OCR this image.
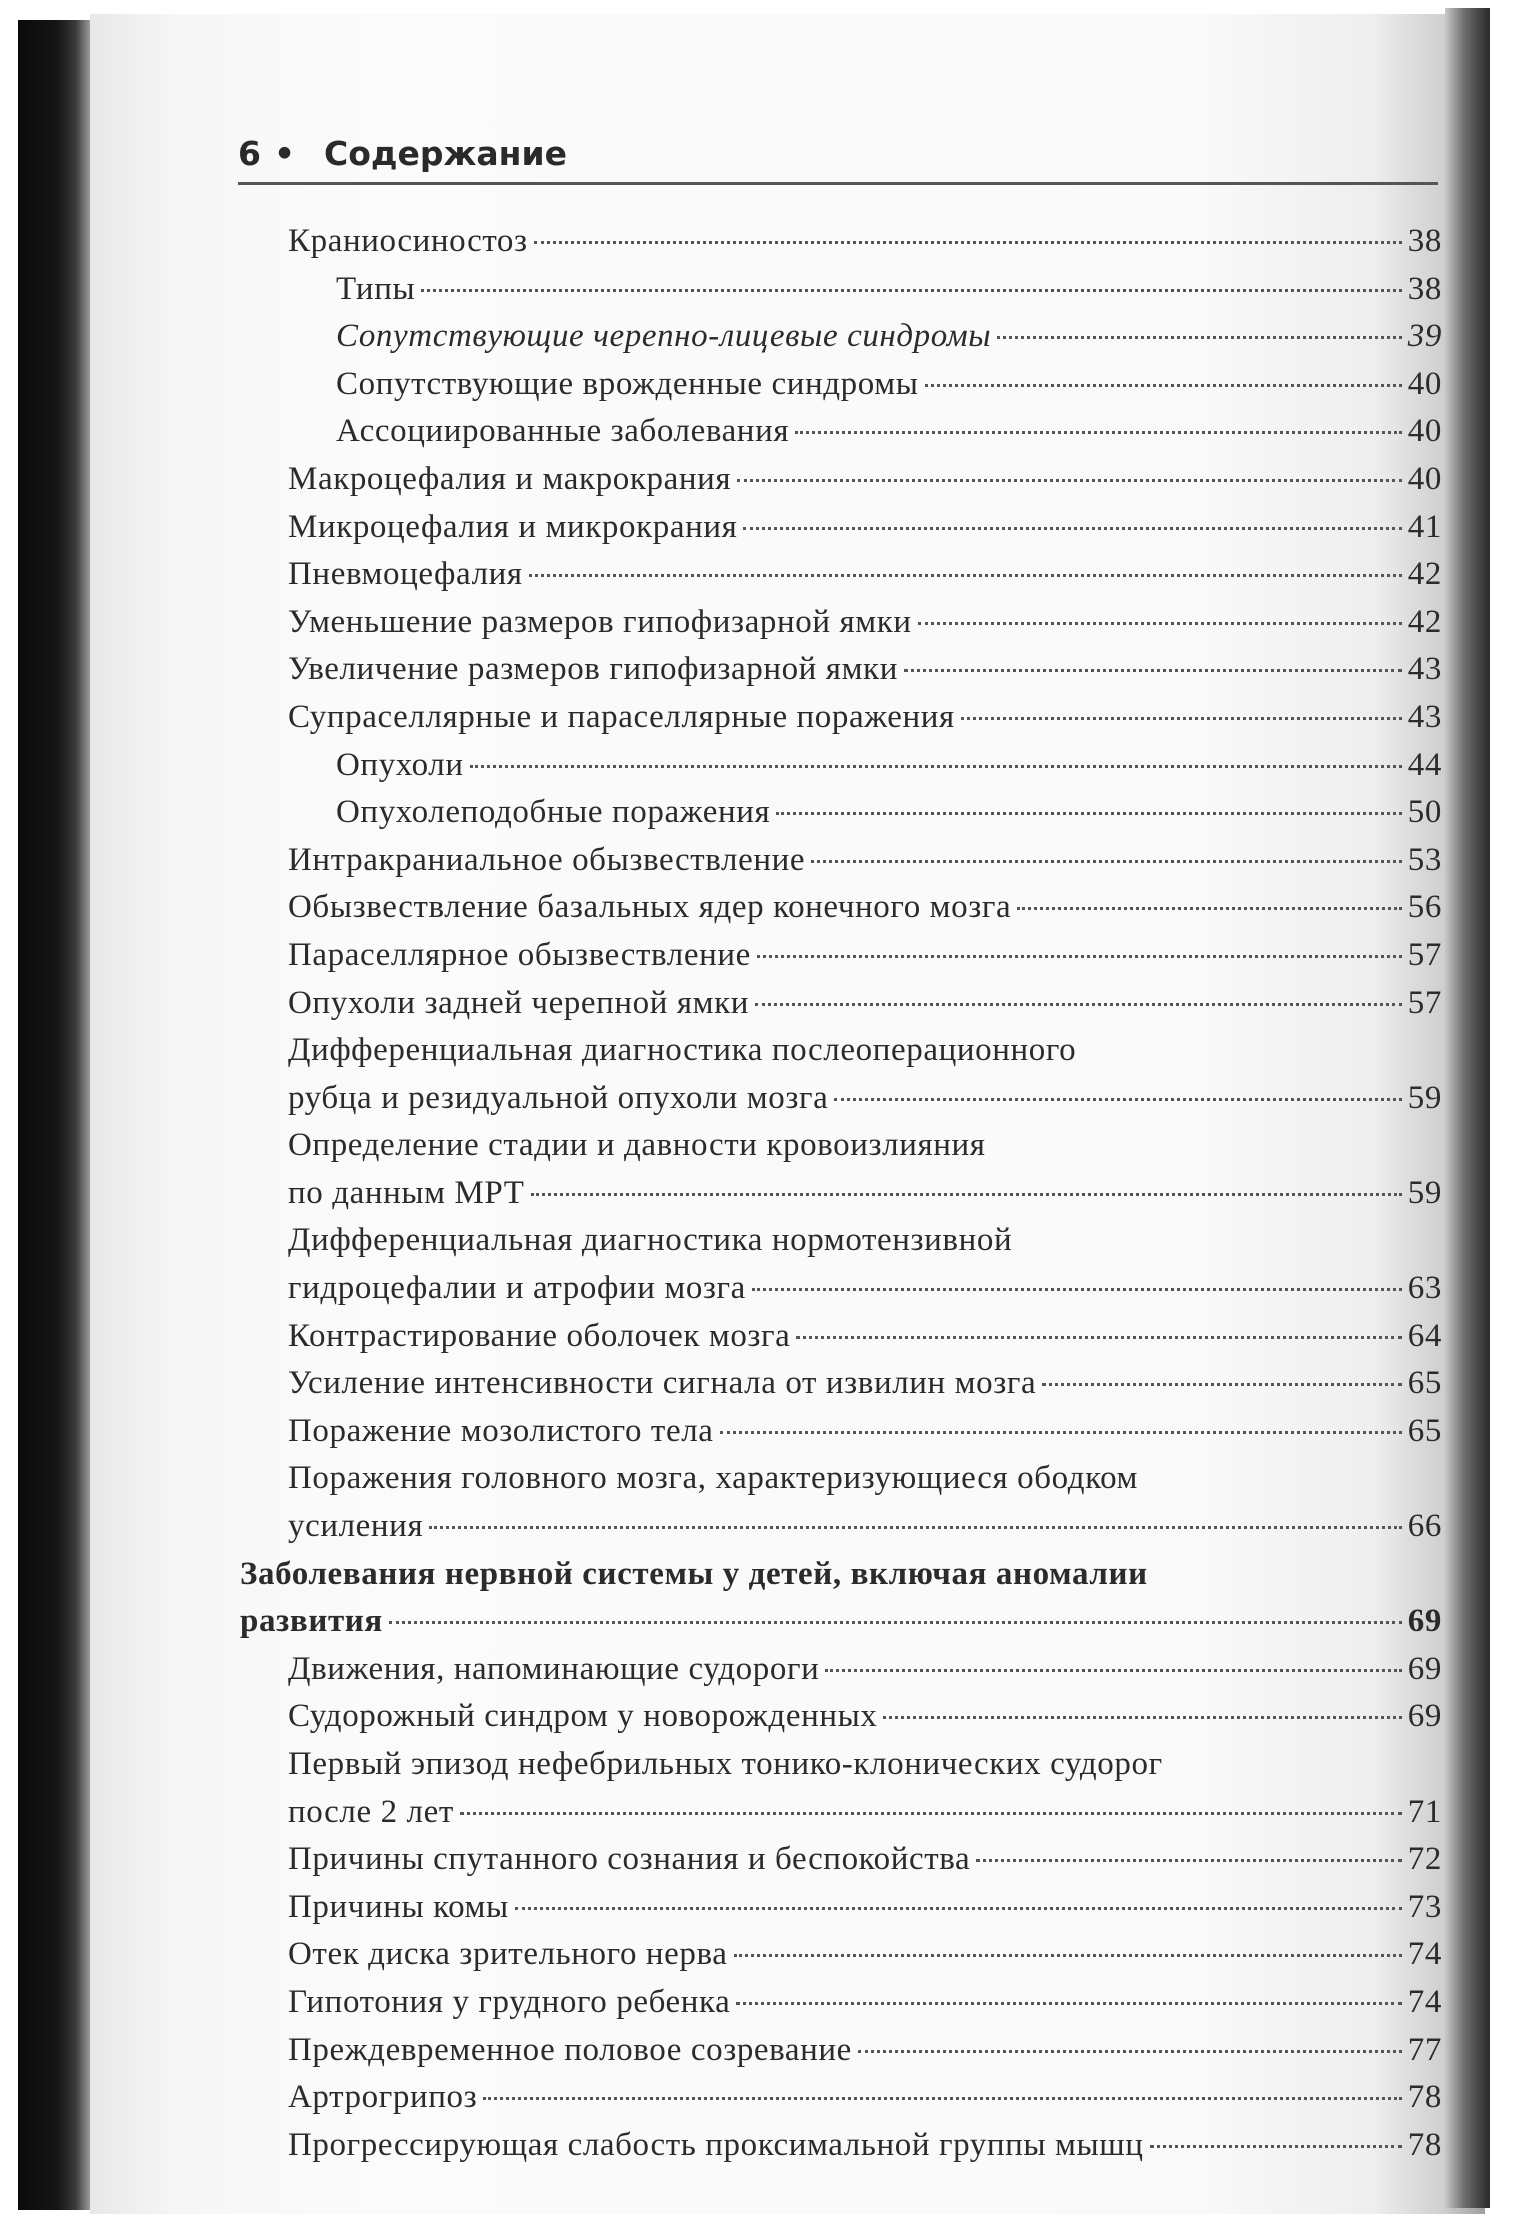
6 • Содержание
Краниосиностоз	38
Типы	38
Сопутствующие черепно-лицевые синдромы	39
Сопутствующие врожденные синдромы	40
Ассоциированные заболевания	40
Макроцефалия и макрокрания	40
Микроцефалия и микрокрания	41
Пневмоцефалия	42
Уменьшение размеров гипофизарной ямки	42
Увеличение размеров гипофизарной ямки	43
Супраселлярные и параселлярные поражения	43
Опухоли	44
Опухолеподобные поражения	50
Интракраниальное обызвествление	53
Обызвествление базальных ядер конечного мозга	56
Параселлярное обызвествление	57
Опухоли задней черепной ямки	57
Дифференциальная диагностика послеоперационного
рубца и резидуальной опухоли мозга	59
Определение стадии и давности кровоизлияния
по данным МРТ	59
Дифференциальная диагностика нормотензивной
гидроцефалии и атрофии мозга	63
Контрастирование оболочек мозга	64
Усиление интенсивности сигнала от извилин мозга	65
Поражение мозолистого тела	65
Поражения головного мозга, характеризующиеся ободком
усиления	66
Заболевания нервной системы у детей, включая аномалии
развития	69
Движения, напоминающие судороги	69
Судорожный синдром у новорожденных	69
Первый эпизод нефебрильных тонико-клонических судорог
после 2 лет	71
Причины спутанного сознания и беспокойства	72
Причины комы	73
Отек диска зрительного нерва	74
Гипотония у грудного ребенка	74
Преждевременное половое созревание	77
Артрогрипоз	78
Прогрессирующая слабость проксимальной группы мышц	78
